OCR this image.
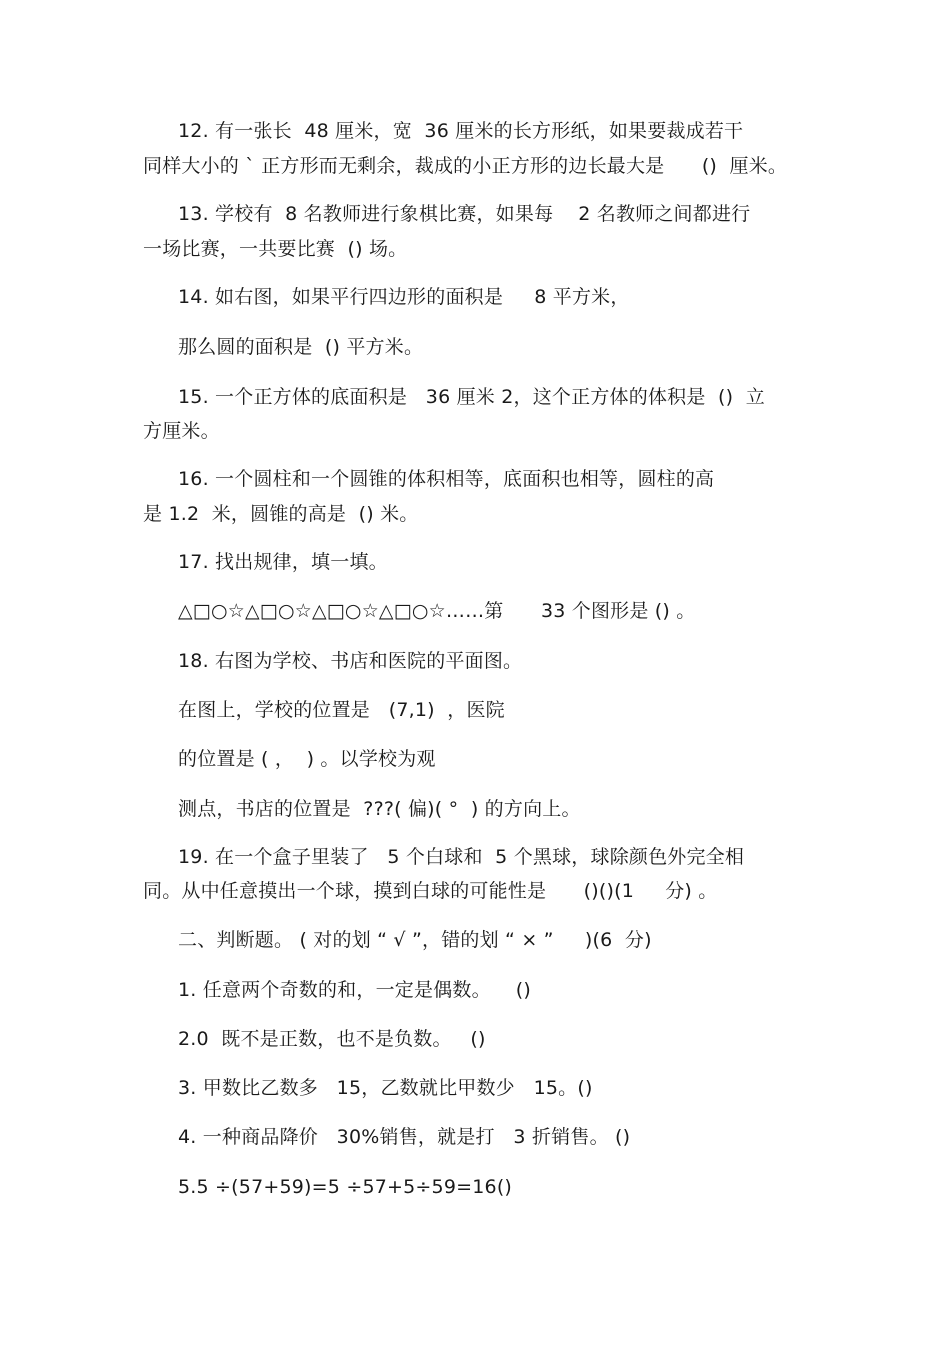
12. 有一张长  48 厘米，宽  36 厘米的长方形纸，如果要裁成若干
同样大小的 ` 正方形而无剩余，裁成的小正方形的边长最大是      ()  厘米。
13. 学校有  8 名教师进行象棋比赛，如果每    2 名教师之间都进行
一场比赛，一共要比赛  () 场。
14. 如右图，如果平行四边形的面积是     8 平方米，
那么圆的面积是  () 平方米。
15. 一个正方体的底面积是   36 厘米 2，这个正方体的体积是  ()  立
方厘米。
16. 一个圆柱和一个圆锥的体积相等，底面积也相等，圆柱的高
是 1.2  米，圆锥的高是  () 米。
17. 找出规律，填一填。
△□○☆△□○☆△□○☆△□○☆……第      33 个图形是 () 。
18. 右图为学校、书店和医院的平面图。
在图上，学校的位置是   (7,1)  ，医院
的位置是 ( ，  ) 。以学校为观
测点，书店的位置是  ???( 偏)( °  ) 的方向上。
19. 在一个盒子里装了   5 个白球和  5 个黑球，球除颜色外完全相
同。从中任意摸出一个球，摸到白球的可能性是      ()()(1     分) 。
二、判断题。 ( 对的划 “ √ ”，错的划 “ × ”     )(6  分)
1. 任意两个奇数的和，一定是偶数。    ()
2.0  既不是正数，也不是负数。   ()
3. 甲数比乙数多   15，乙数就比甲数少   15。()
4. 一种商品降价   30%销售，就是打   3 折销售。 ()
5.5 ÷(57+59)=5 ÷57+5÷59=16()
